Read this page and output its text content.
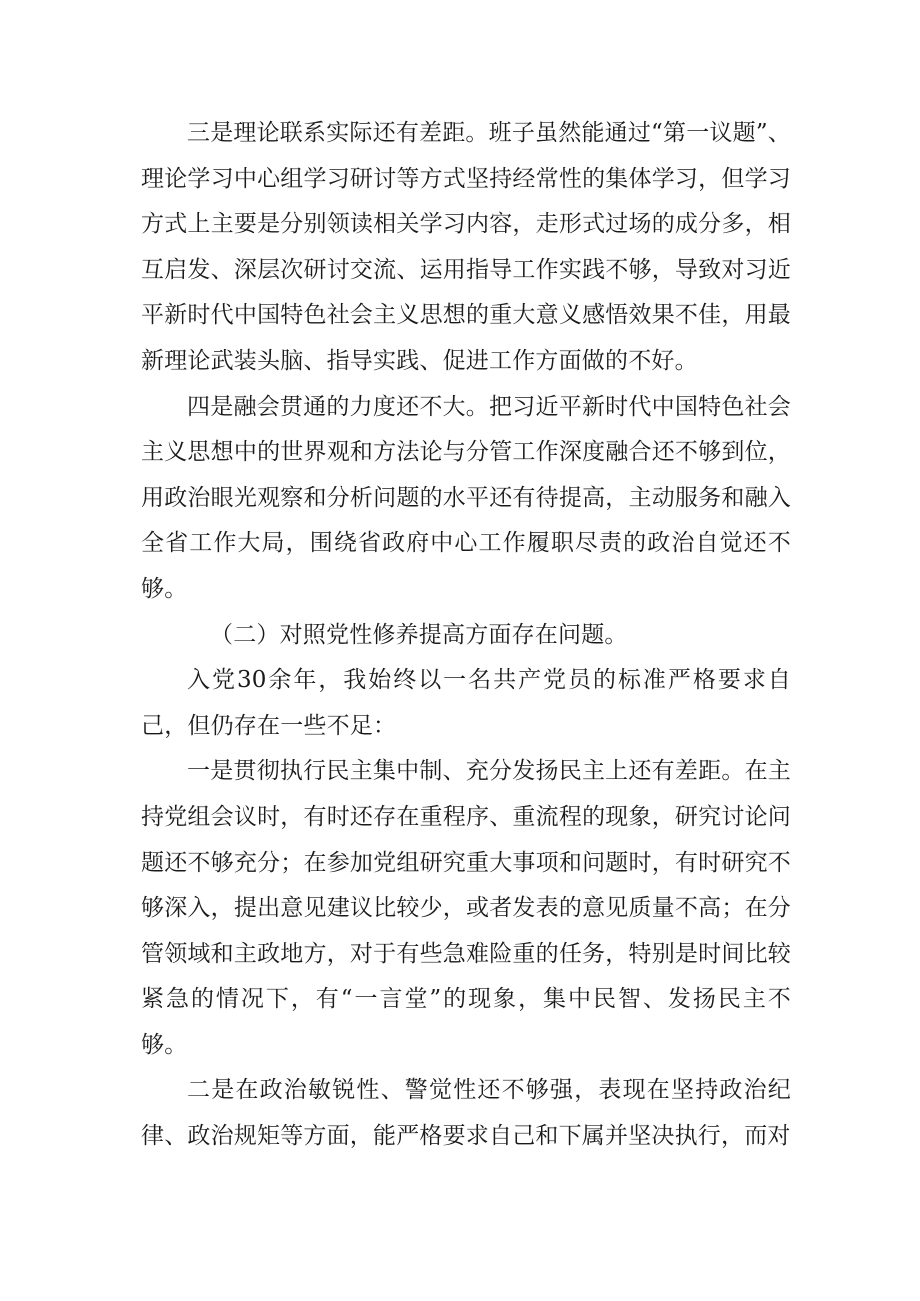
三是理论联系实际还有差距。班子虽然能通过“第一议题”、理论学习中心组学习研讨等方式坚持经常性的集体学习，但学习方式上主要是分别领读相关学习内容，走形式过场的成分多，相互启发、深层次研讨交流、运用指导工作实践不够，导致对习近平新时代中国特色社会主义思想的重大意义感悟效果不佳，用最新理论武装头脑、指导实践、促进工作方面做的不好。

四是融会贯通的力度还不大。把习近平新时代中国特色社会主义思想中的世界观和方法论与分管工作深度融合还不够到位，用政治眼光观察和分析问题的水平还有待提高，主动服务和融入全省工作大局，围绕省政府中心工作履职尽责的政治自觉还不够。

（二）对照党性修养提高方面存在问题。

入党30余年，我始终以一名共产党员的标准严格要求自己，但仍存在一些不足：

一是贯彻执行民主集中制、充分发扬民主上还有差距。在主持党组会议时，有时还存在重程序、重流程的现象，研究讨论问题还不够充分；在参加党组研究重大事项和问题时，有时研究不够深入，提出意见建议比较少，或者发表的意见质量不高；在分管领域和主政地方，对于有些急难险重的任务，特别是时间比较紧急的情况下，有“一言堂”的现象，集中民智、发扬民主不够。

二是在政治敏锐性、警觉性还不够强，表现在坚持政治纪律、政治规矩等方面，能严格要求自己和下属并坚决执行，而对
